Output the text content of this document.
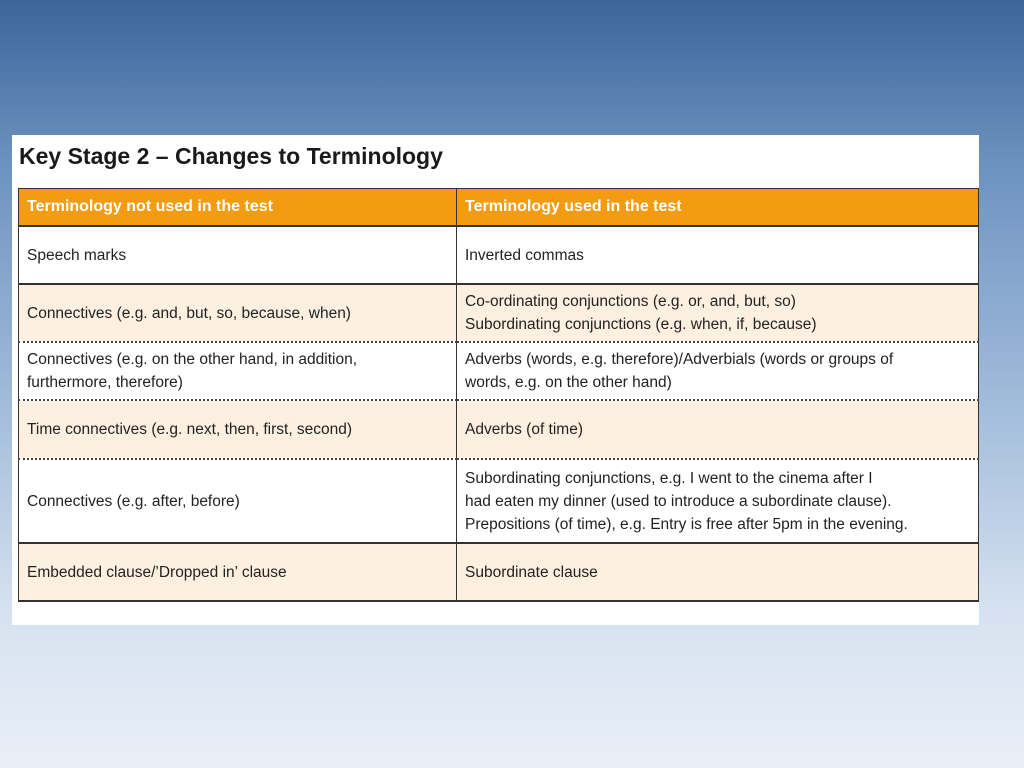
Key Stage 2 – Changes to Terminology
Terminology not used in the test	Terminology used in the test

Speech marks	Inverted commas

Connectives (e.g. and, but, so, because, when)	Co-ordinating conjunctions (e.g. or, and, but, so)
Subordinating conjunctions (e.g. when, if, because)

Connectives (e.g. on the other hand, in addition,
furthermore, therefore)	Adverbs (words, e.g. therefore)/Adverbials (words or groups of
words, e.g. on the other hand)

Time connectives (e.g. next, then, first, second)	Adverbs (of time)

Connectives (e.g. after, before)	Subordinating conjunctions, e.g. I went to the cinema after I
had eaten my dinner (used to introduce a subordinate clause).
Prepositions (of time), e.g. Entry is free after 5pm in the evening.

Embedded clause/’Dropped in’ clause	Subordinate clause
